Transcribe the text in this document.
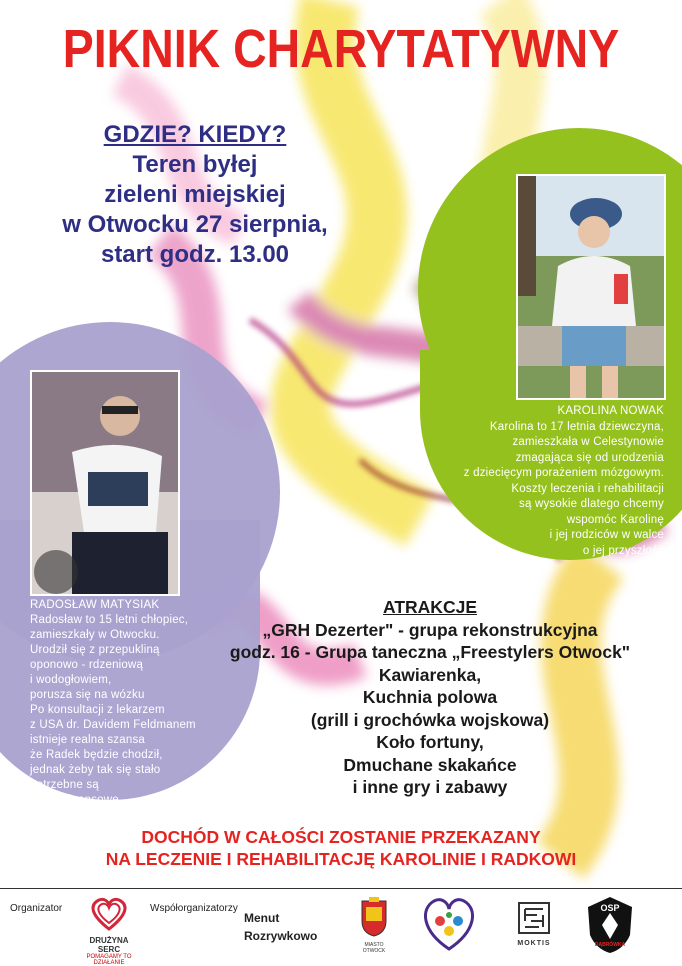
PIKNIK CHARYTATYWNY
GDZIE? KIEDY?
Teren byłej
zieleni miejskiej
w Otwocku 27 sierpnia,
start godz. 13.00
KAROLINA NOWAK
Karolina to 17 letnia dziewczyna,
zamieszkała w Celestynowie
zmagająca się od urodzenia
z dziecięcym porażeniem mózgowym.
Koszty leczenia i rehabilitacji
są wysokie dlatego chcemy
wspomóc Karolinę
i jej rodziców w walce
o jej przyszłość
RADOSŁAW MATYSIAK
Radosław to 15 letni chłopiec,
zamieszkały w Otwocku.
Urodził się z przepukliną
oponowo - rdzeniową
i wodogłowiem,
porusza się na wózku
Po konsultacji z lekarzem
z USA dr. Davidem Feldmanem
istnieje realna szansa
że Radek będzie chodził,
jednak żeby tak się stało
potrzebne są
środki finansowe
ATRAKCJE
„GRH Dezerter" - grupa rekonstrukcyjna
godz. 16 - Grupa taneczna „Freestylers Otwock"
Kawiarenka,
Kuchnia polowa
(grill i grochówka wojskowa)
Koło fortuny,
Dmuchane skakańce
i inne gry i zabawy
DOCHÓD W CAŁOŚCI ZOSTANIE PRZEKAZANY
NA LECZENIE I REHABILITACJĘ KAROLINIE I RADKOWI
Organizator
DRUŻYNA SERC
POMAGAMY TO DZIAŁANIE
Współorganizatorzy
Menut
Rozrywkowo
MIASTO OTWOCK
MOKTIS
OSP
DĄBRÓWKA
